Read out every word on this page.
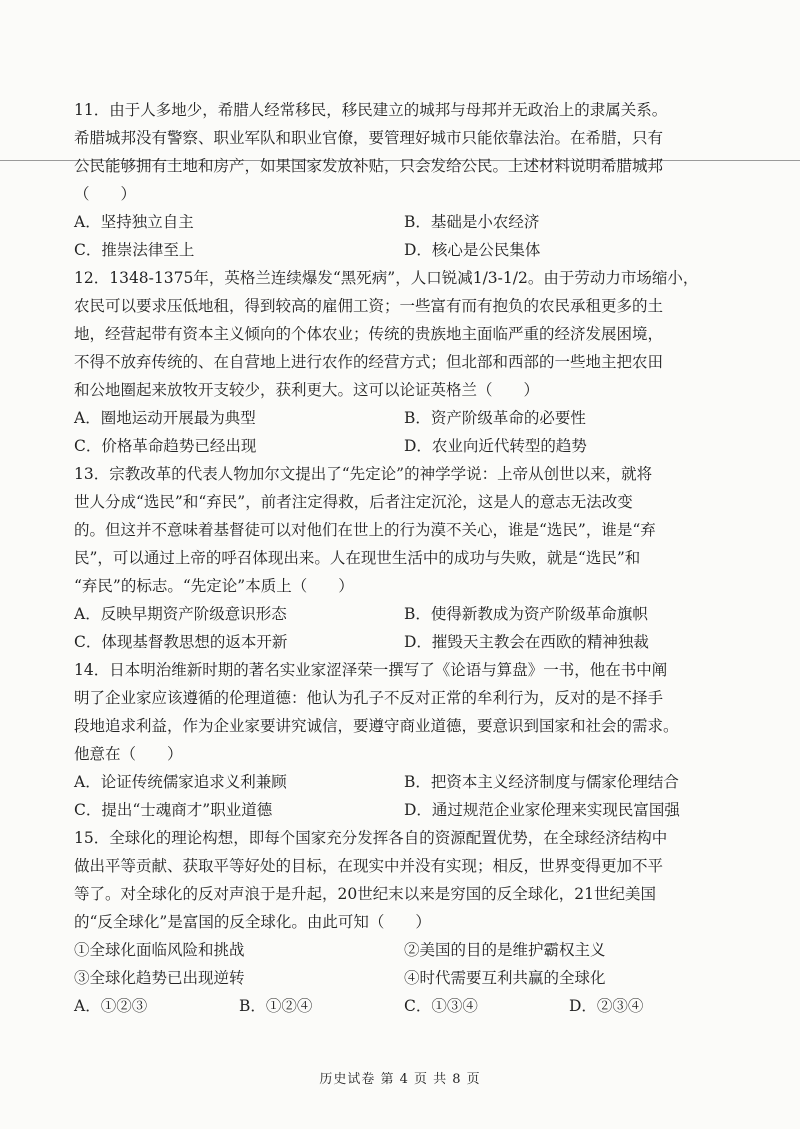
11．由于人多地少，希腊人经常移民，移民建立的城邦与母邦并无政治上的隶属关系。

希腊城邦没有警察、职业军队和职业官僚，要管理好城市只能依靠法治。在希腊，只有

公民能够拥有土地和房产，如果国家发放补贴，只会发给公民。上述材料说明希腊城邦

（　　）

A．坚持独立自主	B．基础是小农经济
C．推崇法律至上	D．核心是公民集体

12．1348-1375年，英格兰连续爆发“黑死病”，人口锐减1/3-1/2。由于劳动力市场缩小，

农民可以要求压低地租，得到较高的雇佣工资；一些富有而有抱负的农民承租更多的土

地，经营起带有资本主义倾向的个体农业；传统的贵族地主面临严重的经济发展困境，

不得不放弃传统的、在自营地上进行农作的经营方式；但北部和西部的一些地主把农田

和公地圈起来放牧开支较少，获利更大。这可以论证英格兰（　　）

A．圈地运动开展最为典型	B．资产阶级革命的必要性
C．价格革命趋势已经出现	D．农业向近代转型的趋势

13．宗教改革的代表人物加尔文提出了“先定论”的神学学说：上帝从创世以来，就将

世人分成“选民”和“弃民”，前者注定得救，后者注定沉沦，这是人的意志无法改变

的。但这并不意味着基督徒可以对他们在世上的行为漠不关心，谁是“选民”，谁是“弃

民”，可以通过上帝的呼召体现出来。人在现世生活中的成功与失败，就是“选民”和

“弃民”的标志。“先定论”本质上（　　）

A．反映早期资产阶级意识形态	B．使得新教成为资产阶级革命旗帜
C．体现基督教思想的返本开新	D．摧毁天主教会在西欧的精神独裁

14．日本明治维新时期的著名实业家涩泽荣一撰写了《论语与算盘》一书，他在书中阐

明了企业家应该遵循的伦理道德：他认为孔子不反对正常的牟利行为，反对的是不择手

段地追求利益，作为企业家要讲究诚信，要遵守商业道德，要意识到国家和社会的需求。

他意在（　　）

A．论证传统儒家追求义利兼顾	B．把资本主义经济制度与儒家伦理结合
C．提出“士魂商才”职业道德	D．通过规范企业家伦理来实现民富国强

15．全球化的理论构想，即每个国家充分发挥各自的资源配置优势，在全球经济结构中

做出平等贡献、获取平等好处的目标，在现实中并没有实现；相反，世界变得更加不平

等了。对全球化的反对声浪于是升起，20世纪末以来是穷国的反全球化，21世纪美国

的“反全球化”是富国的反全球化。由此可知（　　）

①全球化面临风险和挑战	②美国的目的是维护霸权主义
③全球化趋势已出现逆转	④时代需要互利共赢的全球化
A．①②③	B．①②④	C．①③④	D．②③④
历史试卷 第 4 页 共 8 页
